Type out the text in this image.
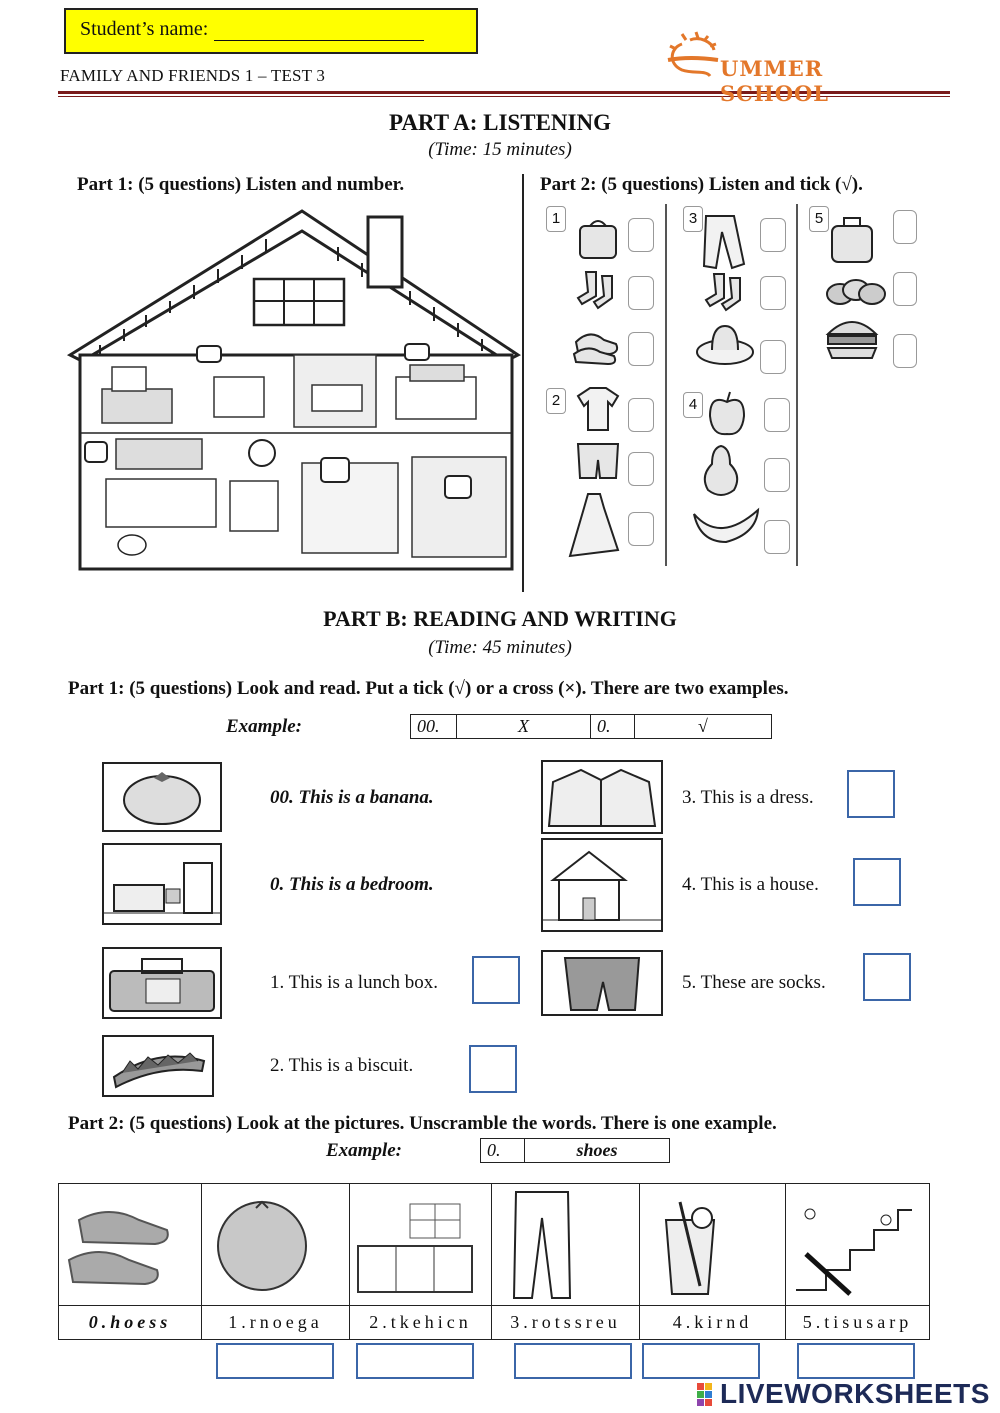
Student’s name:
FAMILY AND FRIENDS 1 – TEST 3	UMMER SCHOOL
PART A: LISTENING
(Time: 15 minutes)
Part 1: (5 questions) Listen and number.	Part 2: (5 questions) Listen and tick (√).
1
2
3
4
5
PART B: READING AND WRITING
(Time: 45 minutes)
Part 1: (5 questions) Look and read. Put a tick (√) or a cross (×). There are two examples.
Example:	00.	X	0.	√
00. This is a banana.
0. This is a bedroom.
1. This is a lunch box.
2. This is a biscuit.
3. This is a dress.
4. This is a house.
5. These are socks.
Part 2: (5 questions) Look at the pictures. Unscramble the words. There is one example.
Example:	0.	shoes

0.hoess	1.rnoega	2.tkehicn	3.rotssreu	4.kirnd	5.tisusarp
LIVEWORKSHEETS
